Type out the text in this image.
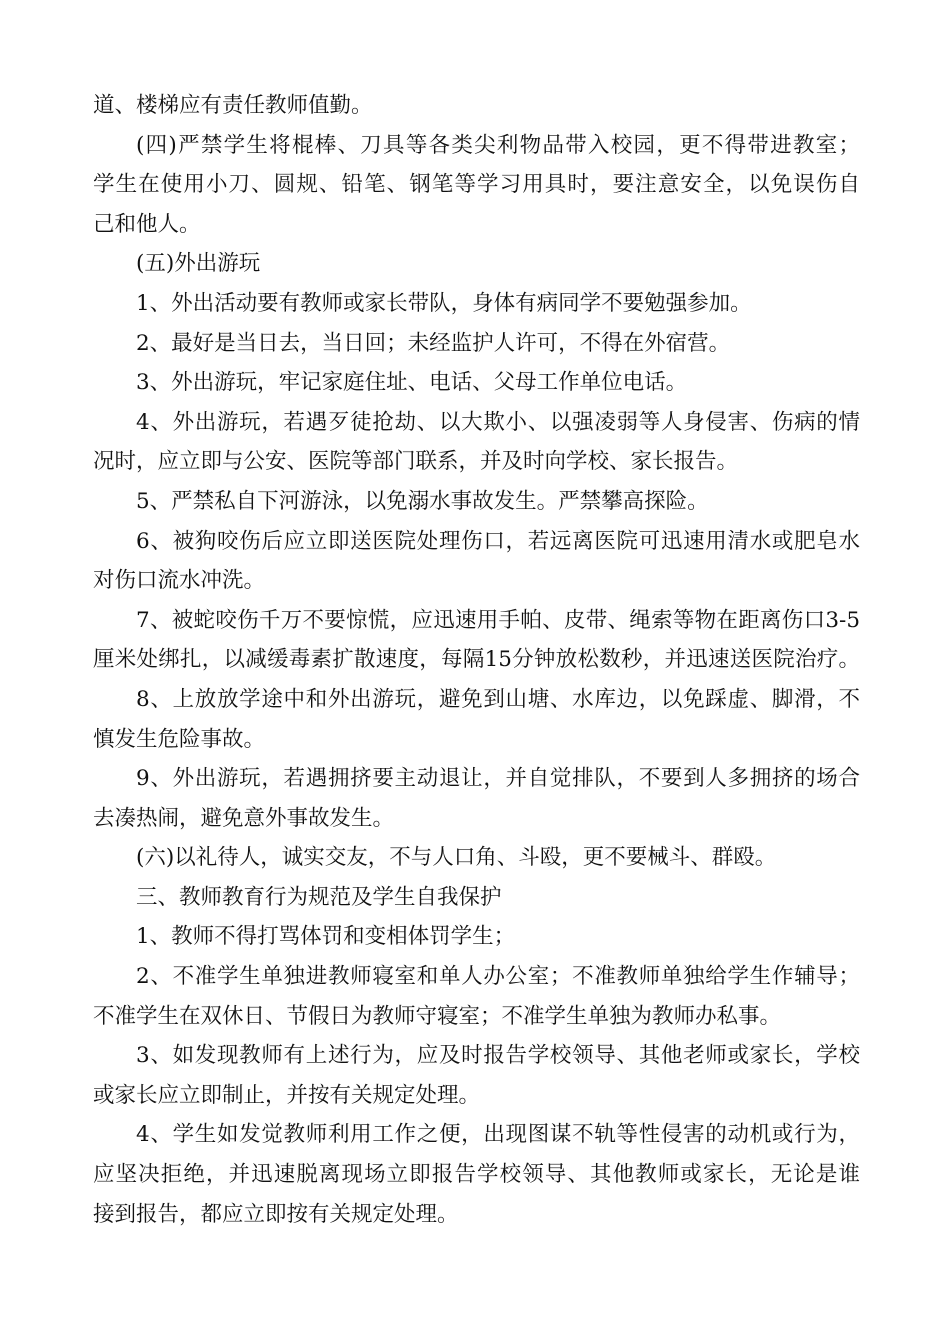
道、楼梯应有责任教师值勤。
(四)严禁学生将棍棒、刀具等各类尖利物品带入校园，更不得带进教室；
学生在使用小刀、圆规、铅笔、钢笔等学习用具时，要注意安全，以免误伤自
己和他人。
(五)外出游玩
1、外出活动要有教师或家长带队，身体有病同学不要勉强参加。
2、最好是当日去，当日回；未经监护人许可，不得在外宿营。
3、外出游玩，牢记家庭住址、电话、父母工作单位电话。
4、外出游玩，若遇歹徒抢劫、以大欺小、以强凌弱等人身侵害、伤病的情
况时，应立即与公安、医院等部门联系，并及时向学校、家长报告。
5、严禁私自下河游泳，以免溺水事故发生。严禁攀高探险。
6、被狗咬伤后应立即送医院处理伤口，若远离医院可迅速用清水或肥皂水
对伤口流水冲洗。
7、被蛇咬伤千万不要惊慌，应迅速用手帕、皮带、绳索等物在距离伤口3-5
厘米处绑扎，以减缓毒素扩散速度，每隔15分钟放松数秒，并迅速送医院治疗。
8、上放放学途中和外出游玩，避免到山塘、水库边，以免踩虚、脚滑，不
慎发生危险事故。
9、外出游玩，若遇拥挤要主动退让，并自觉排队，不要到人多拥挤的场合
去凑热闹，避免意外事故发生。
(六)以礼待人，诚实交友，不与人口角、斗殴，更不要械斗、群殴。
三、教师教育行为规范及学生自我保护
1、教师不得打骂体罚和变相体罚学生；
2、不准学生单独进教师寝室和单人办公室；不准教师单独给学生作辅导；
不准学生在双休日、节假日为教师守寝室；不准学生单独为教师办私事。
3、如发现教师有上述行为，应及时报告学校领导、其他老师或家长，学校
或家长应立即制止，并按有关规定处理。
4、学生如发觉教师利用工作之便，出现图谋不轨等性侵害的动机或行为，
应坚决拒绝，并迅速脱离现场立即报告学校领导、其他教师或家长，无论是谁
接到报告，都应立即按有关规定处理。
